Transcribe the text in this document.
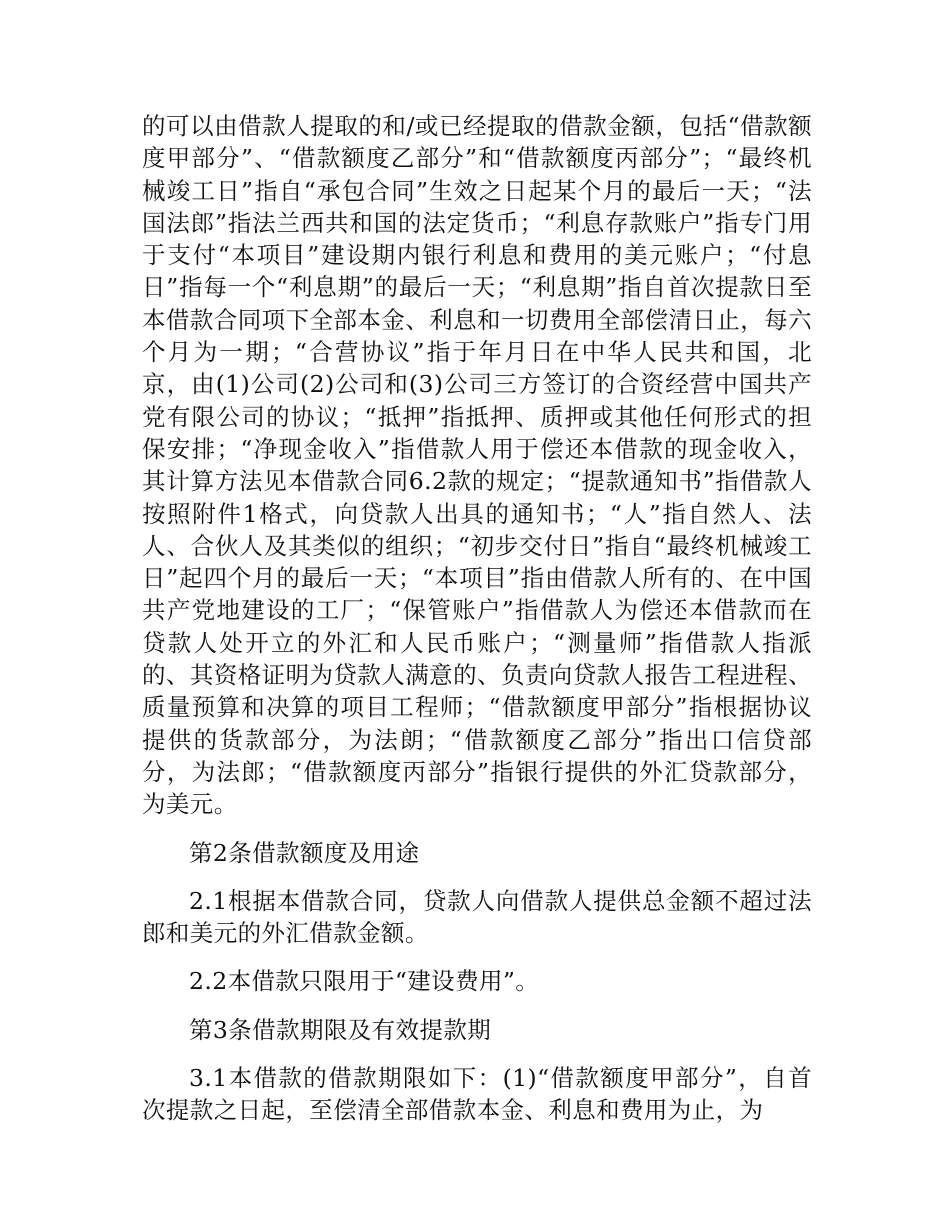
的可以由借款人提取的和/或已经提取的借款金额，包括“借款额度甲部分”、“借款额度乙部分”和“借款额度丙部分”；“最终机械竣工日”指自“承包合同”生效之日起某个月的最后一天；“法国法郎”指法兰西共和国的法定货币；“利息存款账户”指专门用于支付“本项目”建设期内银行利息和费用的美元账户；“付息日”指每一个“利息期”的最后一天；“利息期”指自首次提款日至本借款合同项下全部本金、利息和一切费用全部偿清日止，每六个月为一期；“合营协议”指于年月日在中华人民共和国，北京，由(1)公司(2)公司和(3)公司三方签订的合资经营中国共产党有限公司的协议；“抵押”指抵押、质押或其他任何形式的担保安排；“净现金收入”指借款人用于偿还本借款的现金收入，其计算方法见本借款合同6.2款的规定；“提款通知书”指借款人按照附件1格式，向贷款人出具的通知书；“人”指自然人、法人、合伙人及其类似的组织；“初步交付日”指自“最终机械竣工日”起四个月的最后一天；“本项目”指由借款人所有的、在中国共产党地建设的工厂；“保管账户”指借款人为偿还本借款而在贷款人处开立的外汇和人民币账户；“测量师”指借款人指派的、其资格证明为贷款人满意的、负责向贷款人报告工程进程、质量预算和决算的项目工程师；“借款额度甲部分”指根据协议提供的货款部分，为法朗；“借款额度乙部分”指出口信贷部分，为法郎；“借款额度丙部分”指银行提供的外汇贷款部分，为美元。

第2条借款额度及用途

2.1根据本借款合同，贷款人向借款人提供总金额不超过法郎和美元的外汇借款金额。

2.2本借款只限用于“建设费用”。

第3条借款期限及有效提款期

3.1本借款的借款期限如下：(1)“借款额度甲部分”，自首次提款之日起，至偿清全部借款本金、利息和费用为止，为
